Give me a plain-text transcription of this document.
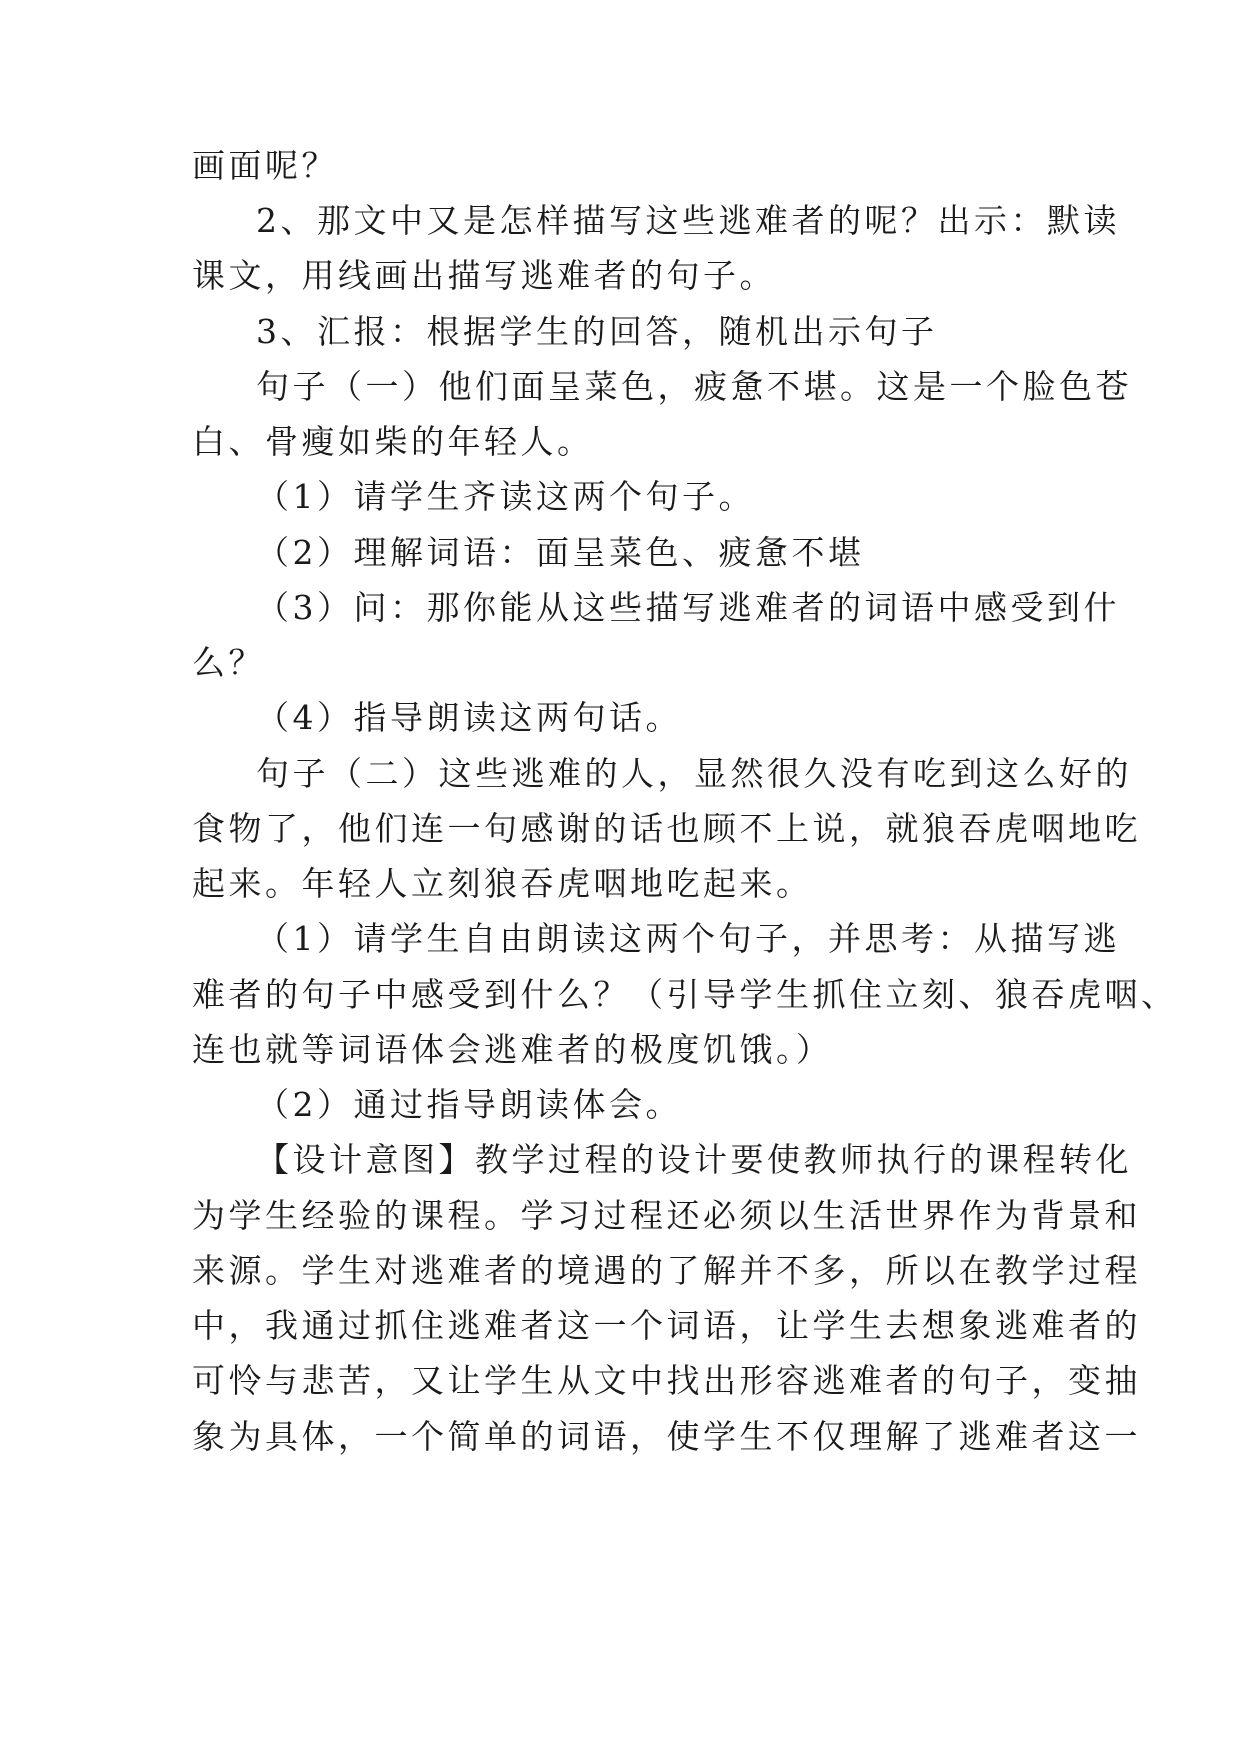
画面呢？
2、那文中又是怎样描写这些逃难者的呢？出示：默读
课文，用线画出描写逃难者的句子。
3、汇报：根据学生的回答，随机出示句子
句子（一）他们面呈菜色，疲惫不堪。这是一个脸色苍
白、骨瘦如柴的年轻人。
（1）请学生齐读这两个句子。
（2）理解词语：面呈菜色、疲惫不堪
（3）问：那你能从这些描写逃难者的词语中感受到什
么？
（4）指导朗读这两句话。
句子（二）这些逃难的人，显然很久没有吃到这么好的
食物了，他们连一句感谢的话也顾不上说，就狼吞虎咽地吃
起来。年轻人立刻狼吞虎咽地吃起来。
（1）请学生自由朗读这两个句子，并思考：从描写逃
难者的句子中感受到什么？（引导学生抓住立刻、狼吞虎咽、
连也就等词语体会逃难者的极度饥饿。）
（2）通过指导朗读体会。
【设计意图】教学过程的设计要使教师执行的课程转化
为学生经验的课程。学习过程还必须以生活世界作为背景和
来源。学生对逃难者的境遇的了解并不多，所以在教学过程
中，我通过抓住逃难者这一个词语，让学生去想象逃难者的
可怜与悲苦，又让学生从文中找出形容逃难者的句子，变抽
象为具体，一个简单的词语，使学生不仅理解了逃难者这一
